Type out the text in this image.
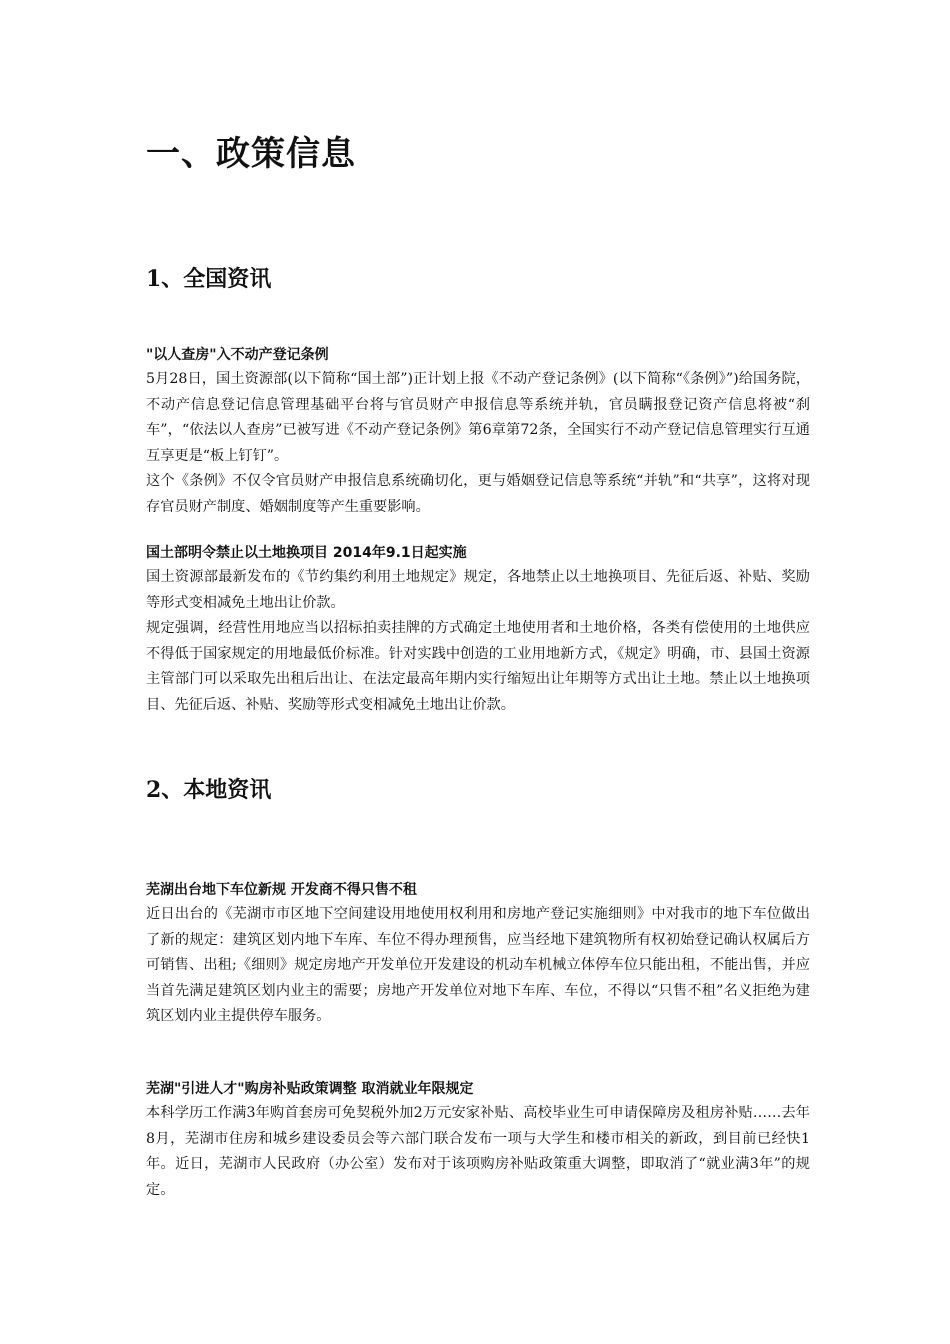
一、政策信息
1、全国资讯
"以人查房"入不动产登记条例

5月28日，国土资源部(以下简称“国土部”)正计划上报《不动产登记条例》(以下简称“《条例》”)给国务院，不动产信息登记信息管理基础平台将与官员财产申报信息等系统并轨，官员瞒报登记资产信息将被“刹车”，“依法以人查房”已被写进《不动产登记条例》第6章第72条，全国实行不动产登记信息管理实行互通互享更是“板上钉钉”。

这个《条例》不仅令官员财产申报信息系统确切化，更与婚姻登记信息等系统“并轨”和“共享”，这将对现存官员财产制度、婚姻制度等产生重要影响。

国土部明令禁止以土地换项目 2014年9.1日起实施

国土资源部最新发布的《节约集约利用土地规定》规定，各地禁止以土地换项目、先征后返、补贴、奖励等形式变相减免土地出让价款。

规定强调，经营性用地应当以招标拍卖挂牌的方式确定土地使用者和土地价格，各类有偿使用的土地供应不得低于国家规定的用地最低价标准。针对实践中创造的工业用地新方式，《规定》明确，市、县国土资源主管部门可以采取先出租后出让、在法定最高年期内实行缩短出让年期等方式出让土地。禁止以土地换项目、先征后返、补贴、奖励等形式变相减免土地出让价款。

2、本地资讯
芜湖出台地下车位新规 开发商不得只售不租

近日出台的《芜湖市市区地下空间建设用地使用权利用和房地产登记实施细则》中对我市的地下车位做出了新的规定：建筑区划内地下车库、车位不得办理预售，应当经地下建筑物所有权初始登记确认权属后方可销售、出租;《细则》规定房地产开发单位开发建设的机动车机械立体停车位只能出租，不能出售，并应当首先满足建筑区划内业主的需要；房地产开发单位对地下车库、车位，不得以“只售不租”名义拒绝为建筑区划内业主提供停车服务。

芜湖"引进人才"购房补贴政策调整 取消就业年限规定

本科学历工作满3年购首套房可免契税外加2万元安家补贴、高校毕业生可申请保障房及租房补贴……去年8月，芜湖市住房和城乡建设委员会等六部门联合发布一项与大学生和楼市相关的新政，到目前已经快1年。近日，芜湖市人民政府（办公室）发布对于该项购房补贴政策重大调整，即取消了“就业满3年”的规定。
